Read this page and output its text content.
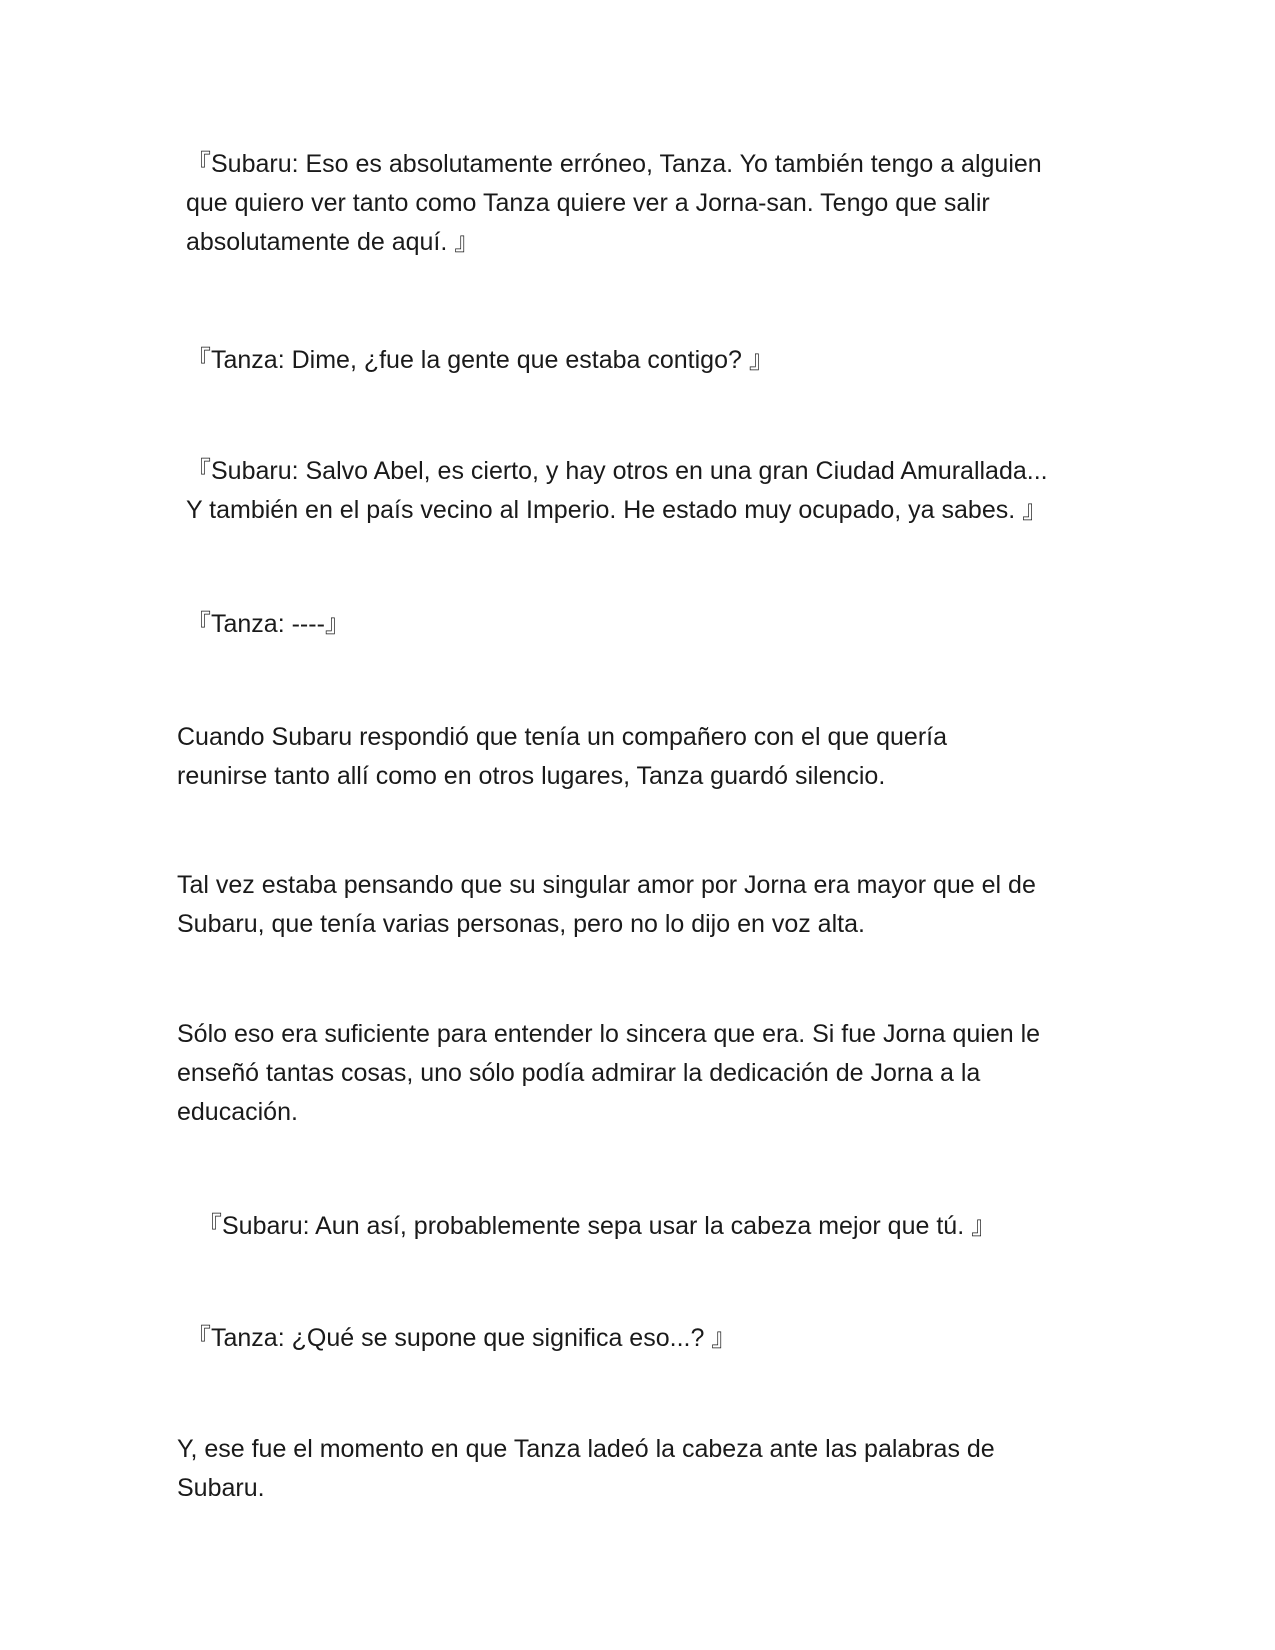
『Subaru: Eso es absolutamente erróneo, Tanza. Yo también tengo a alguien
que quiero ver tanto como Tanza quiere ver a Jorna-san. Tengo que salir
absolutamente de aquí. 』
『Tanza: Dime, ¿fue la gente que estaba contigo? 』
『Subaru: Salvo Abel, es cierto, y hay otros en una gran Ciudad Amurallada...
Y también en el país vecino al Imperio. He estado muy ocupado, ya sabes. 』
『Tanza: ----』
Cuando Subaru respondió que tenía un compañero con el que quería
reunirse tanto allí como en otros lugares, Tanza guardó silencio.
Tal vez estaba pensando que su singular amor por Jorna era mayor que el de
Subaru, que tenía varias personas, pero no lo dijo en voz alta.
Sólo eso era suficiente para entender lo sincera que era. Si fue Jorna quien le
enseñó tantas cosas, uno sólo podía admirar la dedicación de Jorna a la
educación.
『Subaru: Aun así, probablemente sepa usar la cabeza mejor que tú. 』
『Tanza: ¿Qué se supone que significa eso...? 』
Y, ese fue el momento en que Tanza ladeó la cabeza ante las palabras de
Subaru.
